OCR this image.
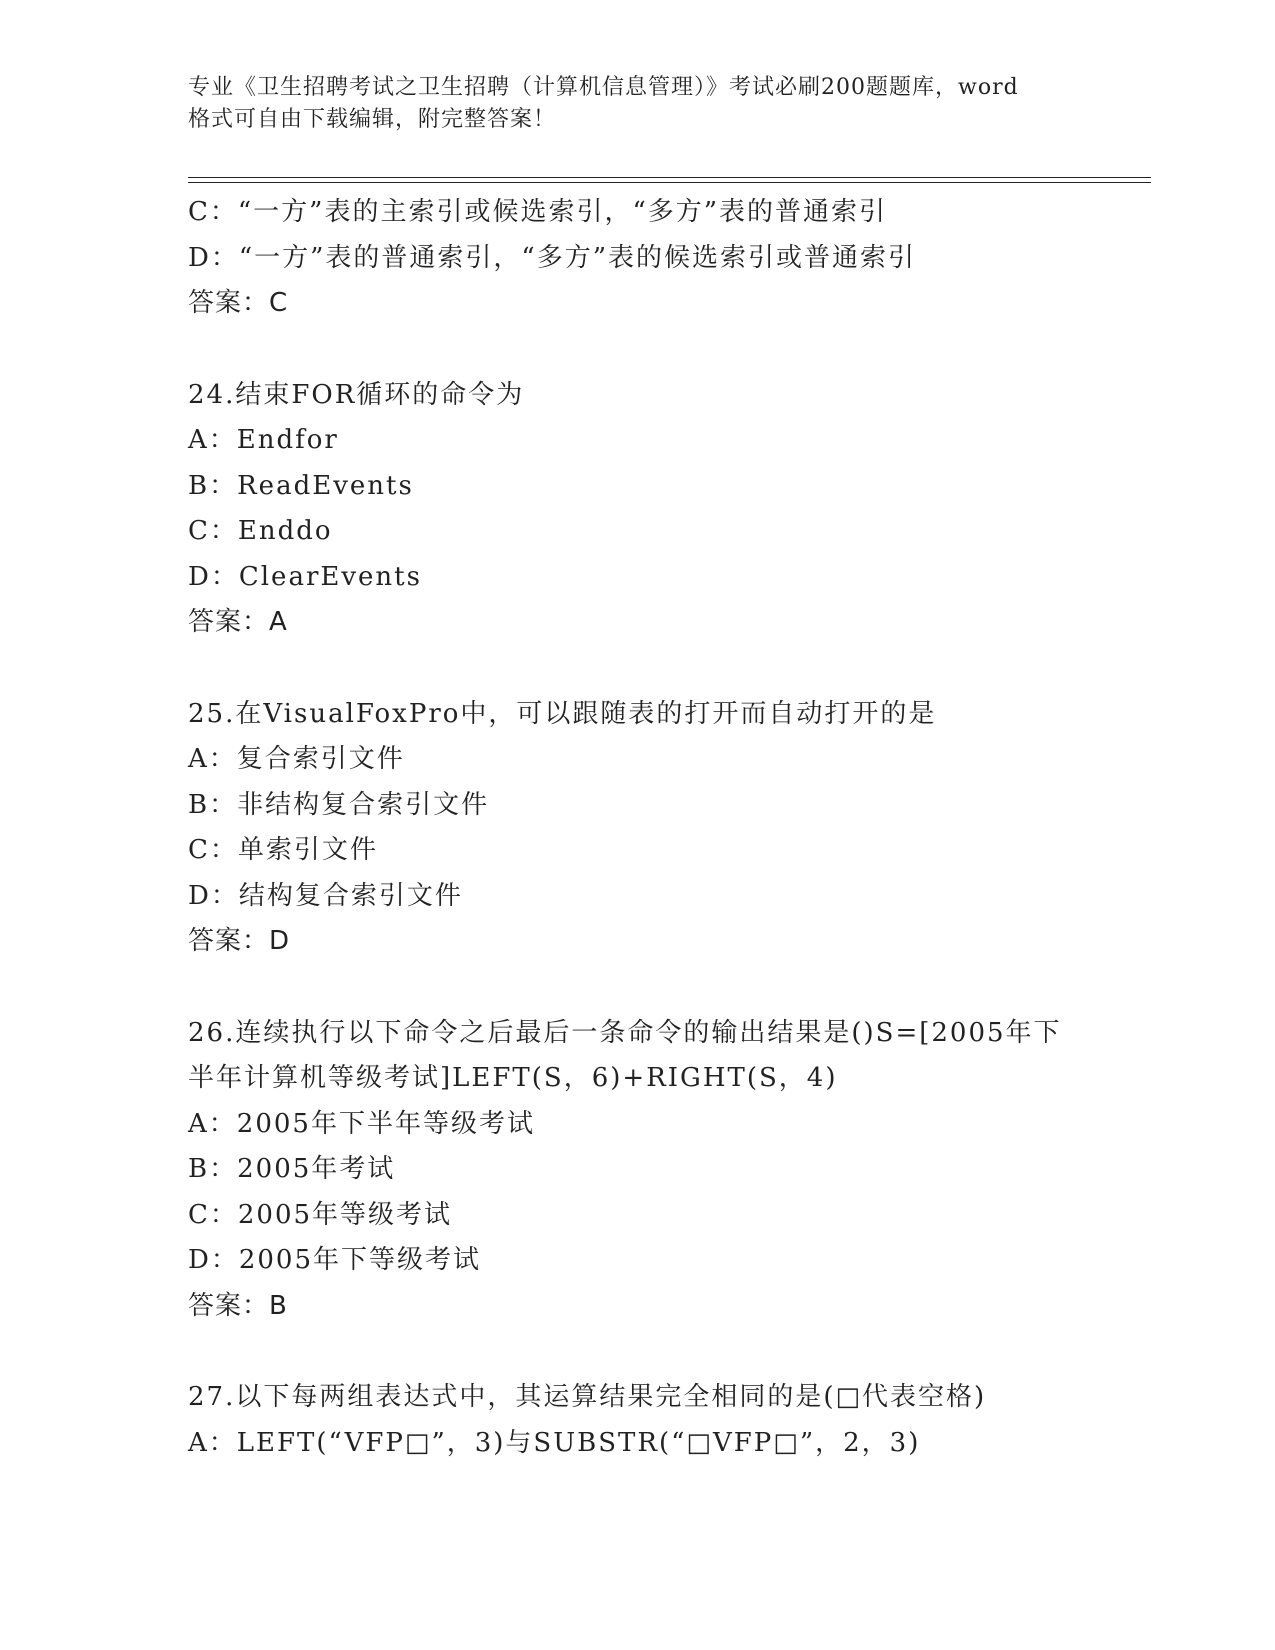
专业《卫生招聘考试之卫生招聘（计算机信息管理）》考试必刷200题题库，word
格式可自由下载编辑，附完整答案！
C：“一方”表的主索引或候选索引，“多方”表的普通索引
D：“一方”表的普通索引，“多方”表的候选索引或普通索引
答案：C
24.结束FOR循环的命令为
A：Endfor
B：ReadEvents
C：Enddo
D：ClearEvents
答案：A
25.在VisualFoxPro中，可以跟随表的打开而自动打开的是
A：复合索引文件
B：非结构复合索引文件
C：单索引文件
D：结构复合索引文件
答案：D
26.连续执行以下命令之后最后一条命令的输出结果是()S=[2005年下
半年计算机等级考试]LEFT(S，6)+RIGHT(S，4)
A：2005年下半年等级考试
B：2005年考试
C：2005年等级考试
D：2005年下等级考试
答案：B
27.以下每两组表达式中，其运算结果完全相同的是(□代表空格)
A：LEFT(“VFP□”，3)与SUBSTR(“□VFP□”，2，3)
